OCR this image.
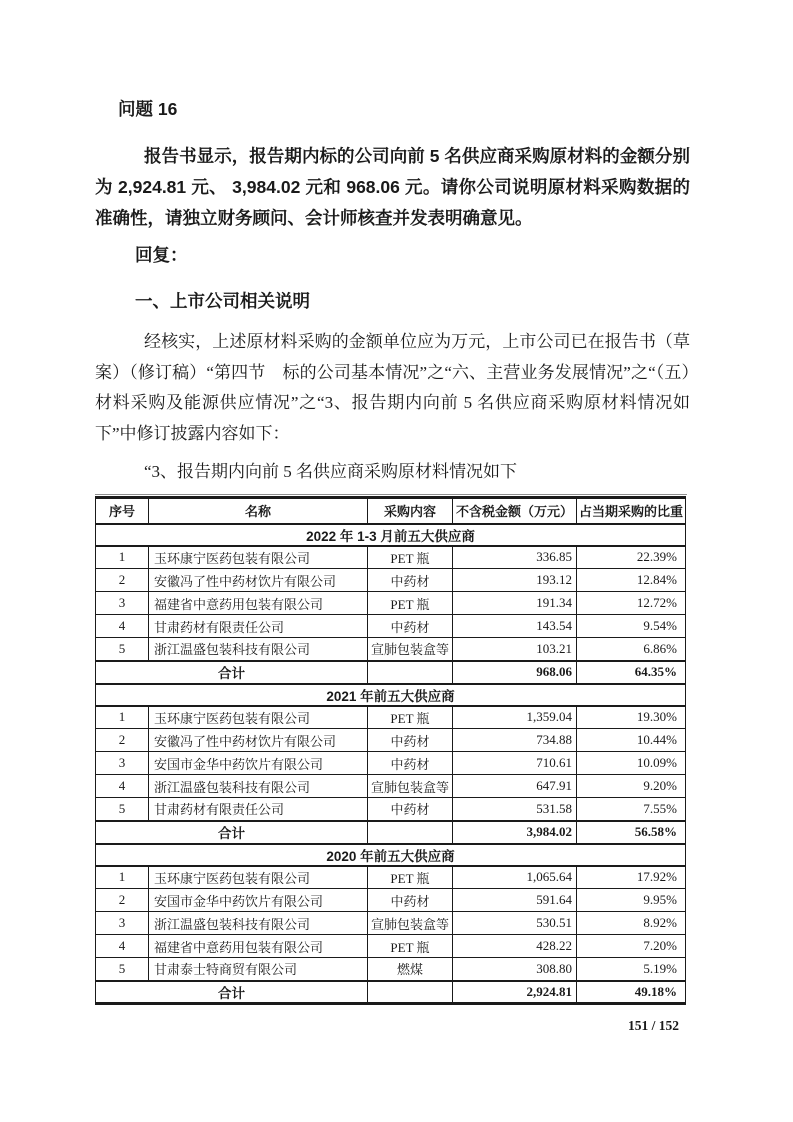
问题 16

报告书显示，报告期内标的公司向前 5 名供应商采购原材料的金额分别为 2,924.81 元、 3,984.02 元和 968.06 元。请你公司说明原材料采购数据的准确性，请独立财务顾问、会计师核查并发表明确意见。

回复：

一、上市公司相关说明

经核实，上述原材料采购的金额单位应为万元，上市公司已在报告书（草案）（修订稿）“第四节　标的公司基本情况”之“六、主营业务发展情况”之“（五）材料采购及能源供应情况”之“3、报告期内向前 5 名供应商采购原材料情况如下”中修订披露内容如下：

“3、报告期内向前 5 名供应商采购原材料情况如下

序号	名称	采购内容	不含税金额（万元）	占当期采购的比重
2022 年 1-3 月前五大供应商				
1	玉环康宁医药包装有限公司	PET 瓶	336.85	22.39%
2	安徽冯了性中药材饮片有限公司	中药材	193.12	12.84%
3	福建省中意药用包装有限公司	PET 瓶	191.34	12.72%
4	甘肃药材有限责任公司	中药材	143.54	9.54%
5	浙江温盛包装科技有限公司	宣肺包装盒等	103.21	6.86%
合计			968.06	64.35%
2021 年前五大供应商				
1	玉环康宁医药包装有限公司	PET 瓶	1,359.04	19.30%
2	安徽冯了性中药材饮片有限公司	中药材	734.88	10.44%
3	安国市金华中药饮片有限公司	中药材	710.61	10.09%
4	浙江温盛包装科技有限公司	宣肺包装盒等	647.91	9.20%
5	甘肃药材有限责任公司	中药材	531.58	7.55%
合计			3,984.02	56.58%
2020 年前五大供应商				
1	玉环康宁医药包装有限公司	PET 瓶	1,065.64	17.92%
2	安国市金华中药饮片有限公司	中药材	591.64	9.95%
3	浙江温盛包装科技有限公司	宣肺包装盒等	530.51	8.92%
4	福建省中意药用包装有限公司	PET 瓶	428.22	7.20%
5	甘肃泰士特商贸有限公司	燃煤	308.80	5.19%
合计			2,924.81	49.18%
151 / 152
